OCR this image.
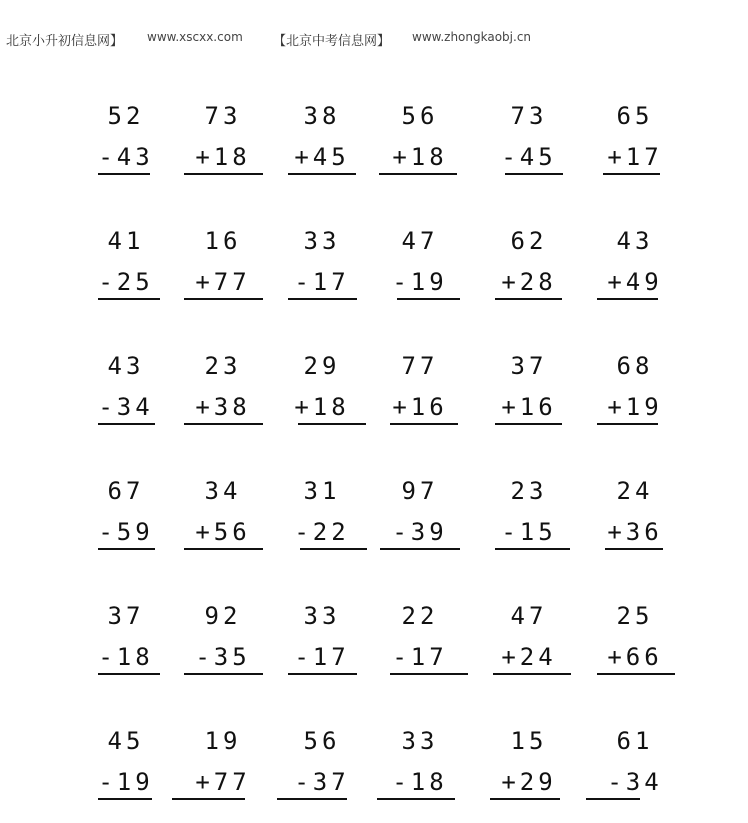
北京小升初信息网】 www.xscxx.com 【北京中考信息网】 www.zhongkaobj.cn
52
-43
73
+18
38
+45
56
+18
73
-45
65
+17
41
-25
16
+77
33
-17
47
-19
62
+28
43
+49
43
-34
23
+38
29
+18
77
+16
37
+16
68
+19
67
-59
34
+56
31
-22
97
-39
23
-15
24
+36
37
-18
92
-35
33
-17
22
-17
47
+24
25
+66
45
-19
19
+77
56
-37
33
-18
15
+29
61
-34
